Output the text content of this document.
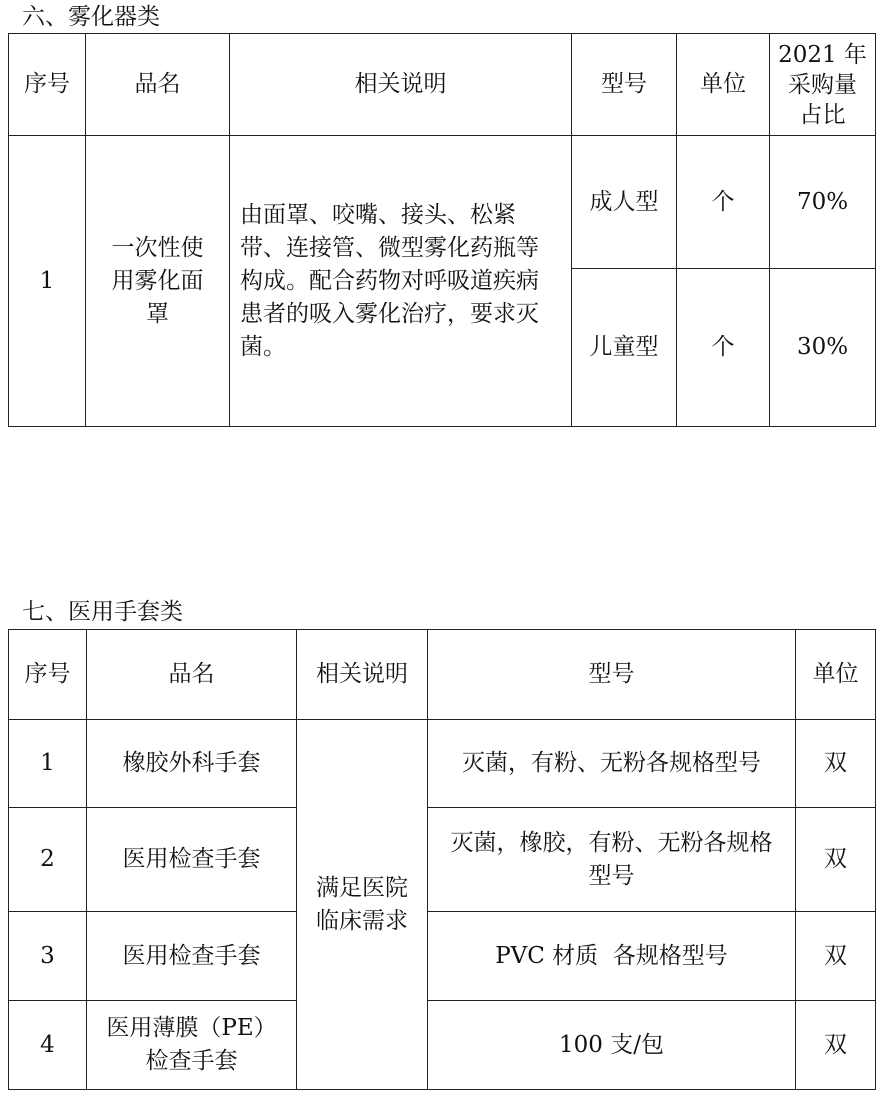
六、雾化器类
序号	品名	相关说明	型号	单位	2021 年
采购量
占比

1	一次性使用雾化面罩	由面罩、咬嘴、接头、松紧带、连接管、微型雾化药瓶等构成。配合药物对呼吸道疾病患者的吸入雾化治疗，要求灭菌。	成人型	个	70%
			儿童型	个	30%
七、医用手套类
序号	品名	相关说明	型号	单位
1	橡胶外科手套	满足医院临床需求	灭菌，有粉、无粉各规格型号	双
2	医用检查手套		灭菌，橡胶，有粉、无粉各规格型号	双
3	医用检查手套		PVC 材质  各规格型号	双
4	医用薄膜（PE）检查手套		100 支/包	双
